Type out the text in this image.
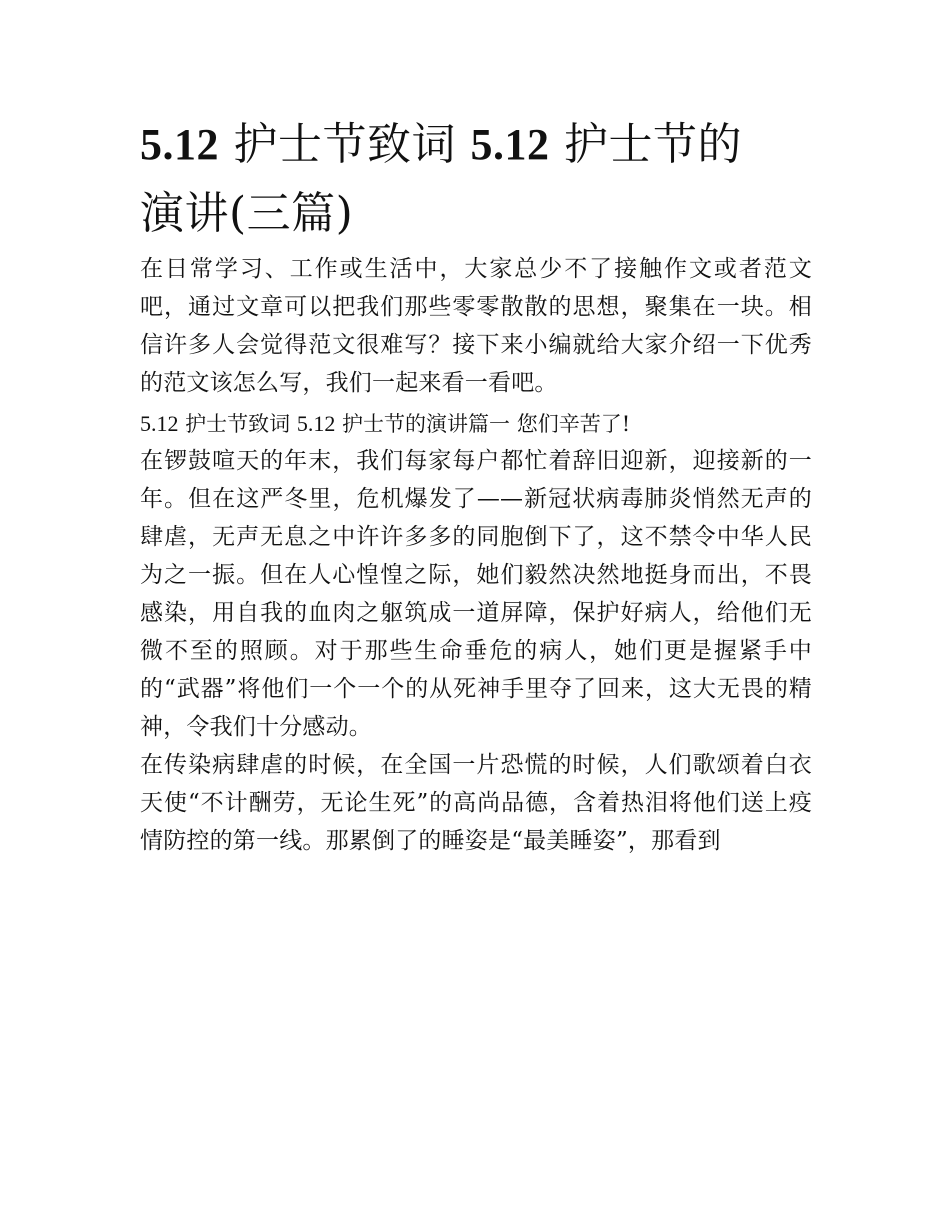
5.12 护士节致词 5.12 护士节的
演讲(三篇)

在日常学习、工作或生活中，大家总少不了接触作文或者范文吧，通过文章可以把我们那些零零散散的思想，聚集在一块。相信许多人会觉得范文很难写？接下来小编就给大家介绍一下优秀的范文该怎么写，我们一起来看一看吧。

5.12 护士节致词 5.12 护士节的演讲篇一 您们辛苦了!

在锣鼓喧天的年末，我们每家每户都忙着辞旧迎新，迎接新的一年。但在这严冬里，危机爆发了——新冠状病毒肺炎悄然无声的肆虐，无声无息之中许许多多的同胞倒下了，这不禁令中华人民为之一振。但在人心惶惶之际，她们毅然决然地挺身而出，不畏感染，用自我的血肉之躯筑成一道屏障，保护好病人，给他们无微不至的照顾。对于那些生命垂危的病人，她们更是握紧手中的“武器”将他们一个一个的从死神手里夺了回来，这大无畏的精神，令我们十分感动。

在传染病肆虐的时候，在全国一片恐慌的时候，人们歌颂着白衣天使“不计酬劳，无论生死”的高尚品德，含着热泪将他们送上疫情防控的第一线。那累倒了的睡姿是“最美睡姿”，那看到
